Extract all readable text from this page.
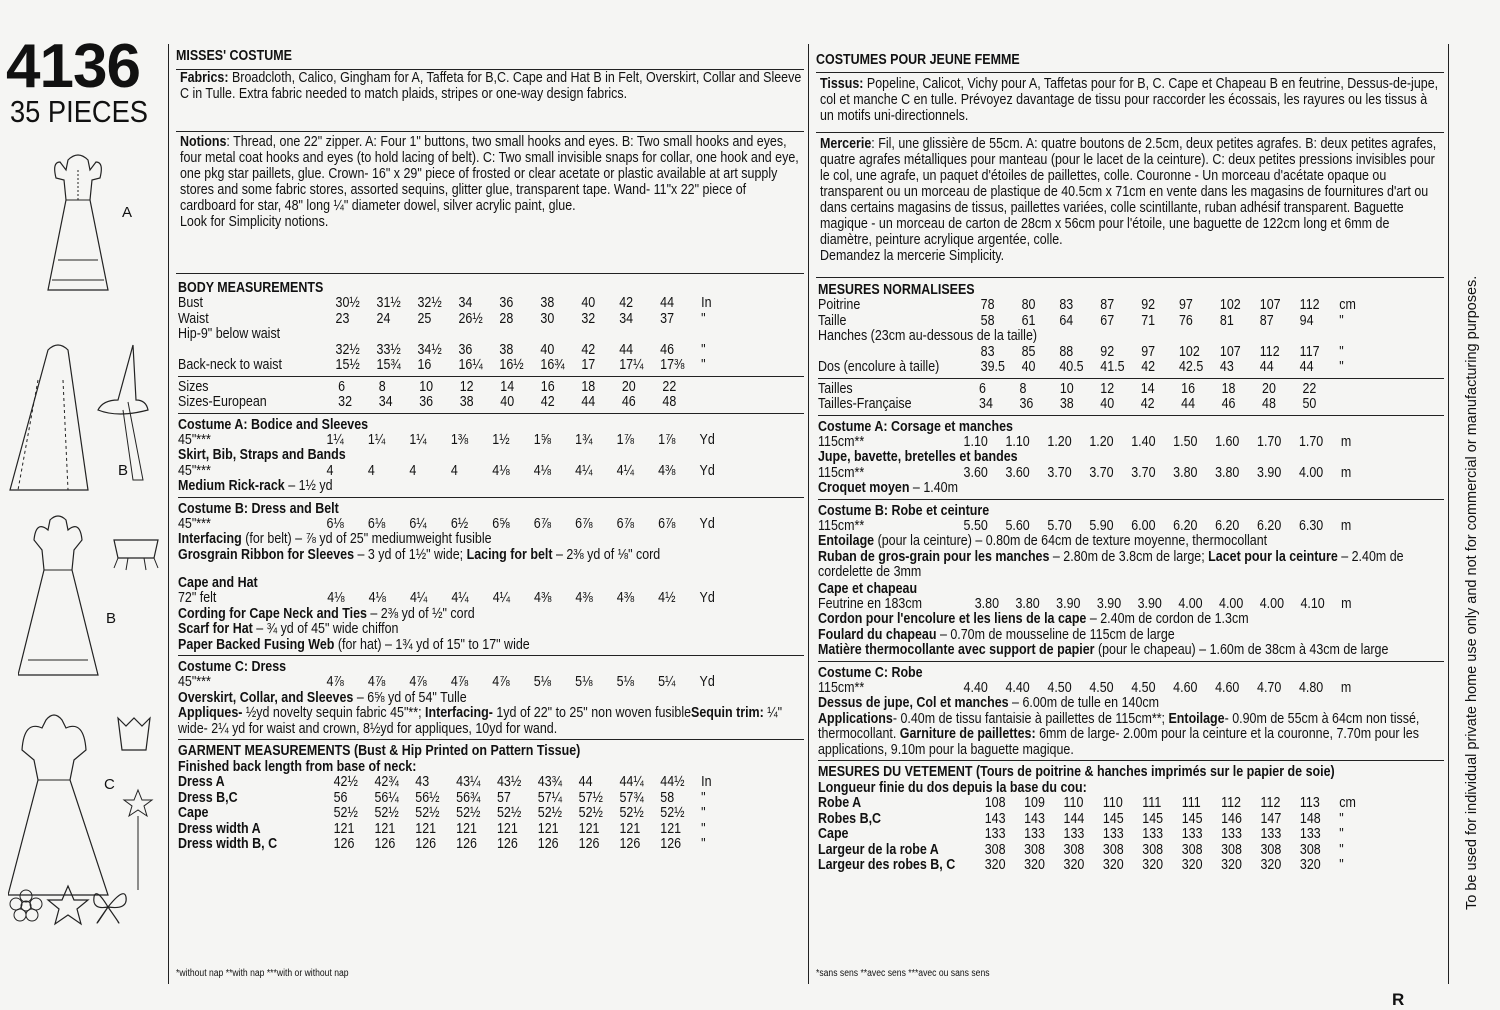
4136
35 PIECES
A
B
B
C
MISSES' COSTUME
Fabrics: Broadcloth, Calico, Gingham for A, Taffeta for B,C. Cape and Hat B in Felt, Overskirt, Collar and Sleeve C in Tulle. Extra fabric needed to match plaids, stripes or one-way design fabrics.
Notions: Thread, one 22" zipper. A: Four 1" buttons, two small hooks and eyes. B: Two small hooks and eyes, four metal coat hooks and eyes (to hold lacing of belt). C: Two small invisible snaps for collar, one hook and eye, one pkg star paillets, glue. Crown- 16" x 29" piece of frosted or clear acetate or plastic available at art supply stores and some fabric stores, assorted sequins, glitter glue, transparent tape. Wand- 11"x 22" piece of cardboard for star, 48" long ¼" diameter dowel, silver acrylic paint, glue.
Look for Simplicity notions.
BODY MEASUREMENTS
Bust	30½	31½	32½	34	36	38	40	42	44	In
Waist	23	24	25	26½	28	30	32	34	37	"
Hip-9" below waist										
	32½	33½	34½	36	38	40	42	44	46	"
Back-neck to waist	15½	15¾	16	16¼	16½	16¾	17	17¼	17⅜	"
Sizes	6	8	10	12	14	16	18	20	22	
Sizes-European	32	34	36	38	40	42	44	46	48	
Costume A: Bodice and Sleeves
45"***	1¼	1¼	1¼	1⅜	1½	1⅝	1¾	1⅞	1⅞	Yd
Skirt, Bib, Straps and Bands										
45"***	4	4	4	4	4⅛	4⅛	4¼	4¼	4⅜	Yd
Medium Rick-rack – 1½ yd
Costume B: Dress and Belt
45"***	6⅛	6⅛	6¼	6½	6⅝	6⅞	6⅞	6⅞	6⅞	Yd
Interfacing (for belt) – ⅞ yd of 25" mediumweight fusible
Grosgrain Ribbon for Sleeves – 3 yd of 1½" wide; Lacing for belt – 2⅜ yd of ⅛" cord
Cape and Hat
72" felt	4⅛	4⅛	4¼	4¼	4¼	4⅜	4⅜	4⅜	4½	Yd
Cording for Cape Neck and Ties – 2⅜ yd of ½" cord
Scarf for Hat – ¾ yd of 45" wide chiffon
Paper Backed Fusing Web (for hat) – 1¾ yd of 15" to 17" wide
Costume C: Dress
45"***	4⅞	4⅞	4⅞	4⅞	4⅞	5⅛	5⅛	5⅛	5¼	Yd
Overskirt, Collar, and Sleeves – 6⅝ yd of 54" Tulle
Appliques- ½yd novelty sequin fabric 45"**; Interfacing- 1yd of 22" to 25" non woven fusibleSequin trim: ¼" wide- 2¼ yd for waist and crown, 8½yd for appliques, 10yd for wand.
GARMENT MEASUREMENTS (Bust & Hip Printed on Pattern Tissue)
Finished back length from base of neck:
Dress A	42½	42¾	43	43¼	43½	43¾	44	44¼	44½	In
Dress B,C	56	56¼	56½	56¾	57	57¼	57½	57¾	58	"
Cape	52½	52½	52½	52½	52½	52½	52½	52½	52½	"
Dress width A	121	121	121	121	121	121	121	121	121	"
Dress width B, C	126	126	126	126	126	126	126	126	126	"
*without nap **with nap ***with or without nap
COSTUMES POUR JEUNE FEMME
Tissus: Popeline, Calicot, Vichy pour A, Taffetas pour for B, C. Cape et Chapeau B en feutrine, Dessus-de-jupe, col et manche C en tulle. Prévoyez davantage de tissu pour raccorder les écossais, les rayures ou les tissus à un motifs uni-directionnels.
Mercerie: Fil, une glissière de 55cm. A: quatre boutons de 2.5cm, deux petites agrafes. B: deux petites agrafes, quatre agrafes métalliques pour manteau (pour le lacet de la ceinture). C: deux petites pressions invisibles pour le col, une agrafe, un paquet d'étoiles de paillettes, colle. Couronne - Un morceau d'acétate opaque ou transparent ou un morceau de plastique de 40.5cm x 71cm en vente dans les magasins de fournitures d'art ou dans certains magasins de tissus, paillettes variées, colle scintillante, ruban adhésif transparent. Baguette magique - un morceau de carton de 28cm x 56cm pour l'étoile, une baguette de 122cm long et 6mm de diamètre, peinture acrylique argentée, colle.
Demandez la mercerie Simplicity.
MESURES NORMALISEES
Poitrine	78	80	83	87	92	97	102	107	112	cm
Taille	58	61	64	67	71	76	81	87	94	"
Hanches (23cm au-dessous de la taille)										
	83	85	88	92	97	102	107	112	117	"
Dos (encolure à taille)	39.5	40	40.5	41.5	42	42.5	43	44	44	"
Tailles	6	8	10	12	14	16	18	20	22	
Tailles-Française	34	36	38	40	42	44	46	48	50	
Costume A: Corsage et manches
115cm**	1.10	1.10	1.20	1.20	1.40	1.50	1.60	1.70	1.70	m
Jupe, bavette, bretelles et bandes										
115cm**	3.60	3.60	3.70	3.70	3.70	3.80	3.80	3.90	4.00	m
Croquet moyen – 1.40m
Costume B: Robe et ceinture
115cm**	5.50	5.60	5.70	5.90	6.00	6.20	6.20	6.20	6.30	m
Entoilage (pour la ceinture) – 0.80m de 64cm de texture moyenne, thermocollant
Ruban de gros-grain pour les manches – 2.80m de 3.8cm de large; Lacet pour la ceinture – 2.40m de cordelette de 3mm
Cape et chapeau
Feutrine en 183cm	3.80	3.80	3.90	3.90	3.90	4.00	4.00	4.00	4.10	m
Cordon pour l'encolure et les liens de la cape – 2.40m de cordon de 1.3cm
Foulard du chapeau – 0.70m de mousseline de 115cm de large
Matière thermocollante avec support de papier (pour le chapeau) – 1.60m de 38cm à 43cm de large
Costume C: Robe
115cm**	4.40	4.40	4.50	4.50	4.50	4.60	4.60	4.70	4.80	m
Dessus de jupe, Col et manches – 6.00m de tulle en 140cm
Applications- 0.40m de tissu fantaisie à paillettes de 115cm**; Entoilage- 0.90m de 55cm à 64cm non tissé, thermocollant. Garniture de paillettes: 6mm de large- 2.00m pour la ceinture et la couronne, 7.70m pour les applications, 9.10m pour la baguette magique.
MESURES DU VETEMENT (Tours de poitrine & hanches imprimés sur le papier de soie)
Longueur finie du dos depuis la base du cou:
Robe A	108	109	110	110	111	111	112	112	113	cm
Robes B,C	143	143	144	145	145	145	146	147	148	"
Cape	133	133	133	133	133	133	133	133	133	"
Largeur de la robe A	308	308	308	308	308	308	308	308	308	"
Largeur des robes B, C	320	320	320	320	320	320	320	320	320	"
*sans sens **avec sens ***avec ou sans sens
To be used for individual private home use only and not for commercial or manufacturing purposes.
R
